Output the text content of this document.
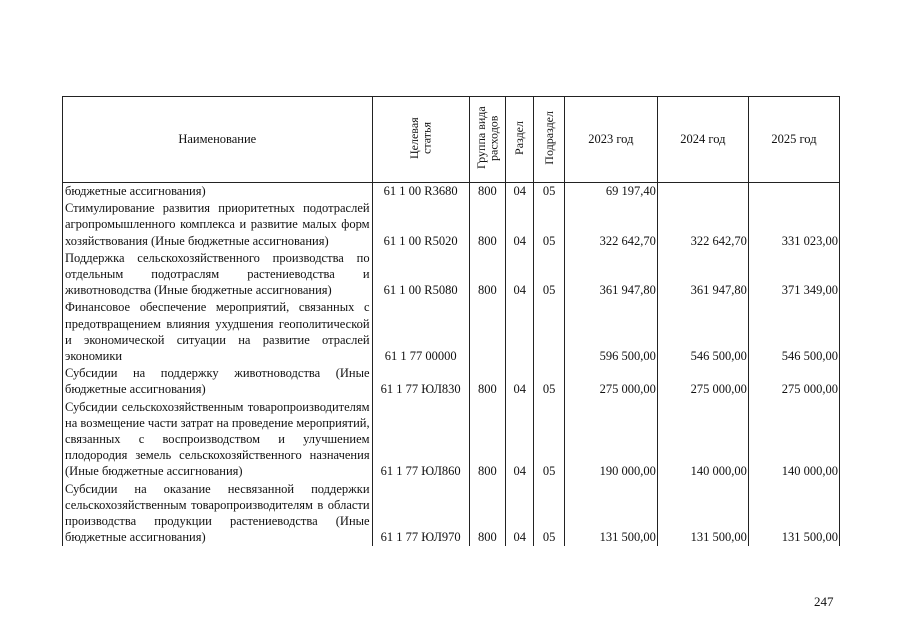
Наименование	Целевая статья	Группа вида расходов	Раздел	Подраздел	2023 год	2024 год	2025 год
бюджетные ассигнования)	61 1 00 R3680	800	04	05	69 197,40		
Стимулирование развития приоритетных подотраслей агропромышленного комплекса и развитие малых форм хозяйствования (Иные бюджетные ассигнования)	61 1 00 R5020	800	04	05	322 642,70	322 642,70	331 023,00
Поддержка сельскохозяйственного производства по отдельным подотраслям растениеводства и животноводства (Иные бюджетные ассигнования)	61 1 00 R5080	800	04	05	361 947,80	361 947,80	371 349,00
Финансовое обеспечение мероприятий, связанных с предотвращением влияния ухудшения геополитической и экономической ситуации на развитие отраслей экономики	61 1 77 00000				596 500,00	546 500,00	546 500,00
Субсидии на поддержку животноводства (Иные бюджетные ассигнования)	61 1 77 ЮЛ830	800	04	05	275 000,00	275 000,00	275 000,00
Субсидии сельскохозяйственным товаропроизводителям на возмещение части затрат на проведение мероприятий, связанных с воспроизводством и улучшением плодородия земель сельскохозяйственного назначения (Иные бюджетные ассигнования)	61 1 77 ЮЛ860	800	04	05	190 000,00	140 000,00	140 000,00
Субсидии на оказание несвязанной поддержки сельскохозяйственным товаропроизводителям в области производства продукции растениеводства (Иные бюджетные ассигнования)	61 1 77 ЮЛ970	800	04	05	131 500,00	131 500,00	131 500,00
247
